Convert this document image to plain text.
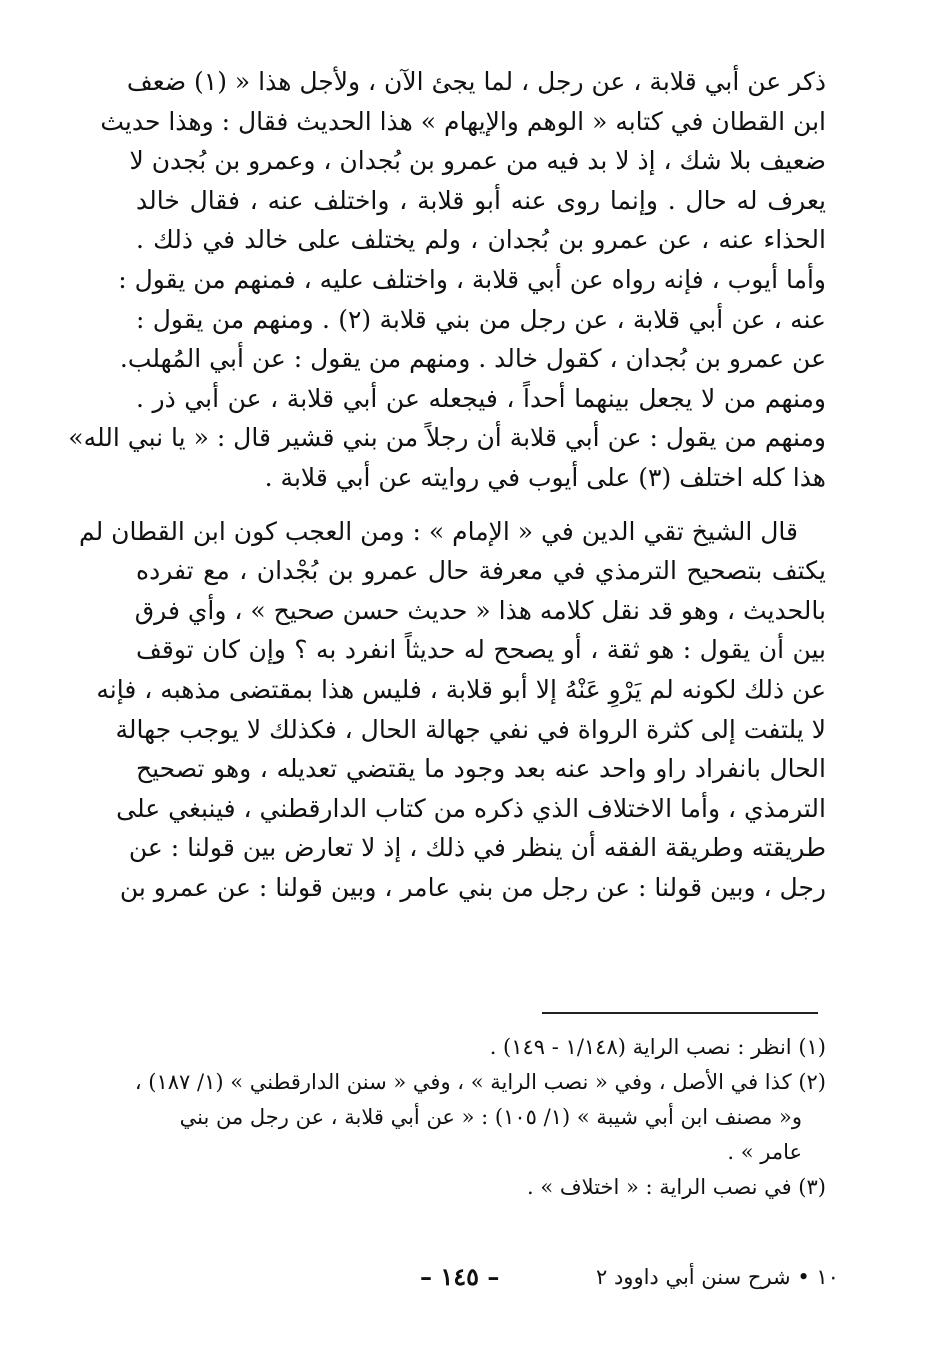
ذكر عن أبي قلابة ، عن رجل ، لما يجئ الآن ، ولأجل هذا « (١) ضعف
ابن القطان في كتابه « الوهم والإيهام » هذا الحديث فقال : وهذا حديث
ضعيف بلا شك ، إذ لا بد فيه من عمرو بن بُجدان ، وعمرو بن بُجدن لا
يعرف له حال . وإنما روى عنه أبو قلابة ، واختلف عنه ، فقال خالد
الحذاء عنه ، عن عمرو بن بُجدان ، ولم يختلف على خالد في ذلك .
وأما أيوب ، فإنه رواه عن أبي قلابة ، واختلف عليه ، فمنهم من يقول :
عنه ، عن أبي قلابة ، عن رجل من بني قلابة (٢) . ومنهم من يقول :
عن عمرو بن بُجدان ، كقول خالد . ومنهم من يقول : عن أبي المُهلب.
ومنهم من لا يجعل بينهما أحداً ، فيجعله عن أبي قلابة ، عن أبي ذر .
ومنهم من يقول : عن أبي قلابة أن رجلاً من بني قشير قال : « يا نبي الله»
هذا كله اختلف (٣) على أيوب في روايته عن أبي قلابة .
قال الشيخ تقي الدين في « الإمام » : ومن العجب كون ابن القطان لم
يكتف بتصحيح الترمذي في معرفة حال عمرو بن بُجْدان ، مع تفرده
بالحديث ، وهو قد نقل كلامه هذا « حديث حسن صحيح » ، وأي فرق
بين أن يقول : هو ثقة ، أو يصحح له حديثاً انفرد به ؟ وإن كان توقف
عن ذلك لكونه لم يَرْوِ عَنْهُ إلا أبو قلابة ، فليس هذا بمقتضى مذهبه ، فإنه
لا يلتفت إلى كثرة الرواة في نفي جهالة الحال ، فكذلك لا يوجب جهالة
الحال بانفراد راو واحد عنه بعد وجود ما يقتضي تعديله ، وهو تصحيح
الترمذي ، وأما الاختلاف الذي ذكره من كتاب الدارقطني ، فينبغي على
طريقته وطريقة الفقه أن ينظر في ذلك ، إذ لا تعارض بين قولنا : عن
رجل ، وبين قولنا : عن رجل من بني عامر ، وبين قولنا : عن عمرو بن
(١) انظر : نصب الراية (١/١٤٨ - ١٤٩) .
(٢) كذا في الأصل ، وفي « نصب الراية » ، وفي « سنن الدارقطني » (١/ ١٨٧) ،
و« مصنف ابن أبي شيبة » (١/ ١٠٥) : « عن أبي قلابة ، عن رجل من بني
عامر » .
(٣) في نصب الراية : « اختلاف » .
– ١٤٥ –	١٠ • شرح سنن أبي داوود ٢
